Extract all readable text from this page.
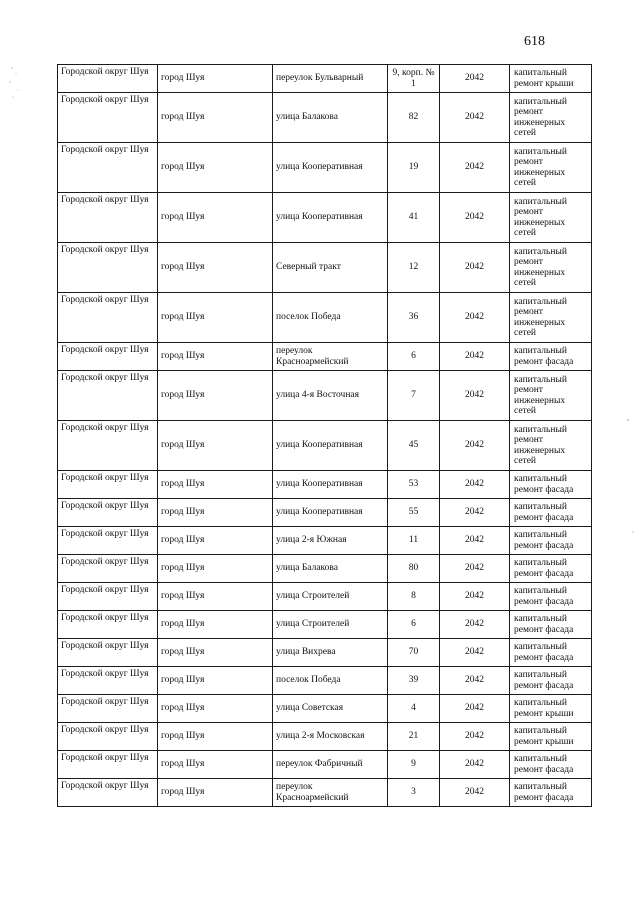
618
Городской округ Шуя	город Шуя	переулок Бульварный	9, корп. № 1	2042	капитальный ремонт крыши
Городской округ Шуя	город Шуя	улица Балакова	82	2042	капитальный ремонт инженерных сетей
Городской округ Шуя	город Шуя	улица Кооперативная	19	2042	капитальный ремонт инженерных сетей
Городской округ Шуя	город Шуя	улица Кооперативная	41	2042	капитальный ремонт инженерных сетей
Городской округ Шуя	город Шуя	Северный тракт	12	2042	капитальный ремонт инженерных сетей
Городской округ Шуя	город Шуя	поселок Победа	36	2042	капитальный ремонт инженерных сетей
Городской округ Шуя	город Шуя	переулок Красноармейский	6	2042	капитальный ремонт фасада
Городской округ Шуя	город Шуя	улица 4-я Восточная	7	2042	капитальный ремонт инженерных сетей
Городской округ Шуя	город Шуя	улица Кооперативная	45	2042	капитальный ремонт инженерных сетей
Городской округ Шуя	город Шуя	улица Кооперативная	53	2042	капитальный ремонт фасада
Городской округ Шуя	город Шуя	улица Кооперативная	55	2042	капитальный ремонт фасада
Городской округ Шуя	город Шуя	улица 2-я Южная	11	2042	капитальный ремонт фасада
Городской округ Шуя	город Шуя	улица Балакова	80	2042	капитальный ремонт фасада
Городской округ Шуя	город Шуя	улица Строителей	8	2042	капитальный ремонт фасада
Городской округ Шуя	город Шуя	улица Строителей	6	2042	капитальный ремонт фасада
Городской округ Шуя	город Шуя	улица Вихрева	70	2042	капитальный ремонт фасада
Городской округ Шуя	город Шуя	поселок Победа	39	2042	капитальный ремонт фасада
Городской округ Шуя	город Шуя	улица Советская	4	2042	капитальный ремонт крыши
Городской округ Шуя	город Шуя	улица 2-я Московская	21	2042	капитальный ремонт крыши
Городской округ Шуя	город Шуя	переулок Фабричный	9	2042	капитальный ремонт фасада
Городской округ Шуя	город Шуя	переулок Красноармейский	3	2042	капитальный ремонт фасада
